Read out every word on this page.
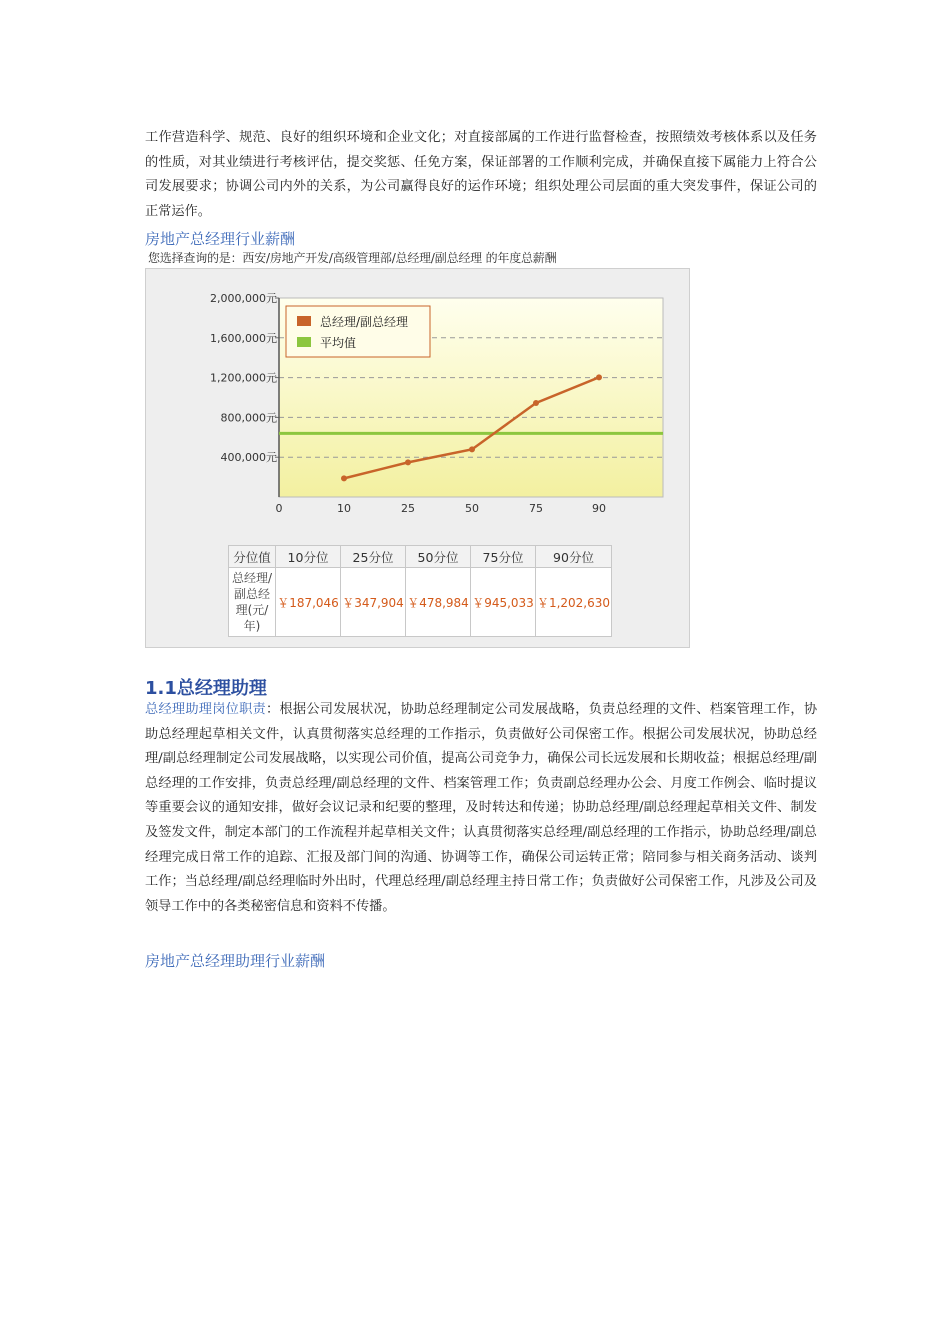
工作营造科学、规范、良好的组织环境和企业文化；对直接部属的工作进行监督检查，按照绩效考核体系以及任务的性质，对其业绩进行考核评估，提交奖惩、任免方案，保证部署的工作顺利完成，并确保直接下属能力上符合公司发展要求；协调公司内外的关系，为公司赢得良好的运作环境；组织处理公司层面的重大突发事件，保证公司的正常运作。

房地产总经理行业薪酬
您选择查询的是：西安/房地产开发/高级管理部/总经理/副总经理 的年度总薪酬
400,000元
800,000元
1,200,000元
1,600,000元
2,000,000元
0	10	25	50	75	90
总经理/副总经理
平均值
分位值	10分位	25分位	50分位	75分位	90分位

总经理/
副总经
理(元/
年)	￥187,046	￥347,904	￥478,984	￥945,033	￥1,202,630
1.1总经理助理

总经理助理岗位职责：根据公司发展状况，协助总经理制定公司发展战略，负责总经理的文件、档案管理工作，协助总经理起草相关文件，认真贯彻落实总经理的工作指示，负责做好公司保密工作。根据公司发展状况，协助总经理/副总经理制定公司发展战略，以实现公司价值，提高公司竞争力，确保公司长远发展和长期收益；根据总经理/副总经理的工作安排，负责总经理/副总经理的文件、档案管理工作；负责副总经理办公会、月度工作例会、临时提议等重要会议的通知安排，做好会议记录和纪要的整理，及时转达和传递；协助总经理/副总经理起草相关文件、制发及签发文件，制定本部门的工作流程并起草相关文件；认真贯彻落实总经理/副总经理的工作指示，协助总经理/副总经理完成日常工作的追踪、汇报及部门间的沟通、协调等工作，确保公司运转正常；陪同参与相关商务活动、谈判工作；当总经理/副总经理临时外出时，代理总经理/副总经理主持日常工作；负责做好公司保密工作，凡涉及公司及领导工作中的各类秘密信息和资料不传播。

房地产总经理助理行业薪酬
